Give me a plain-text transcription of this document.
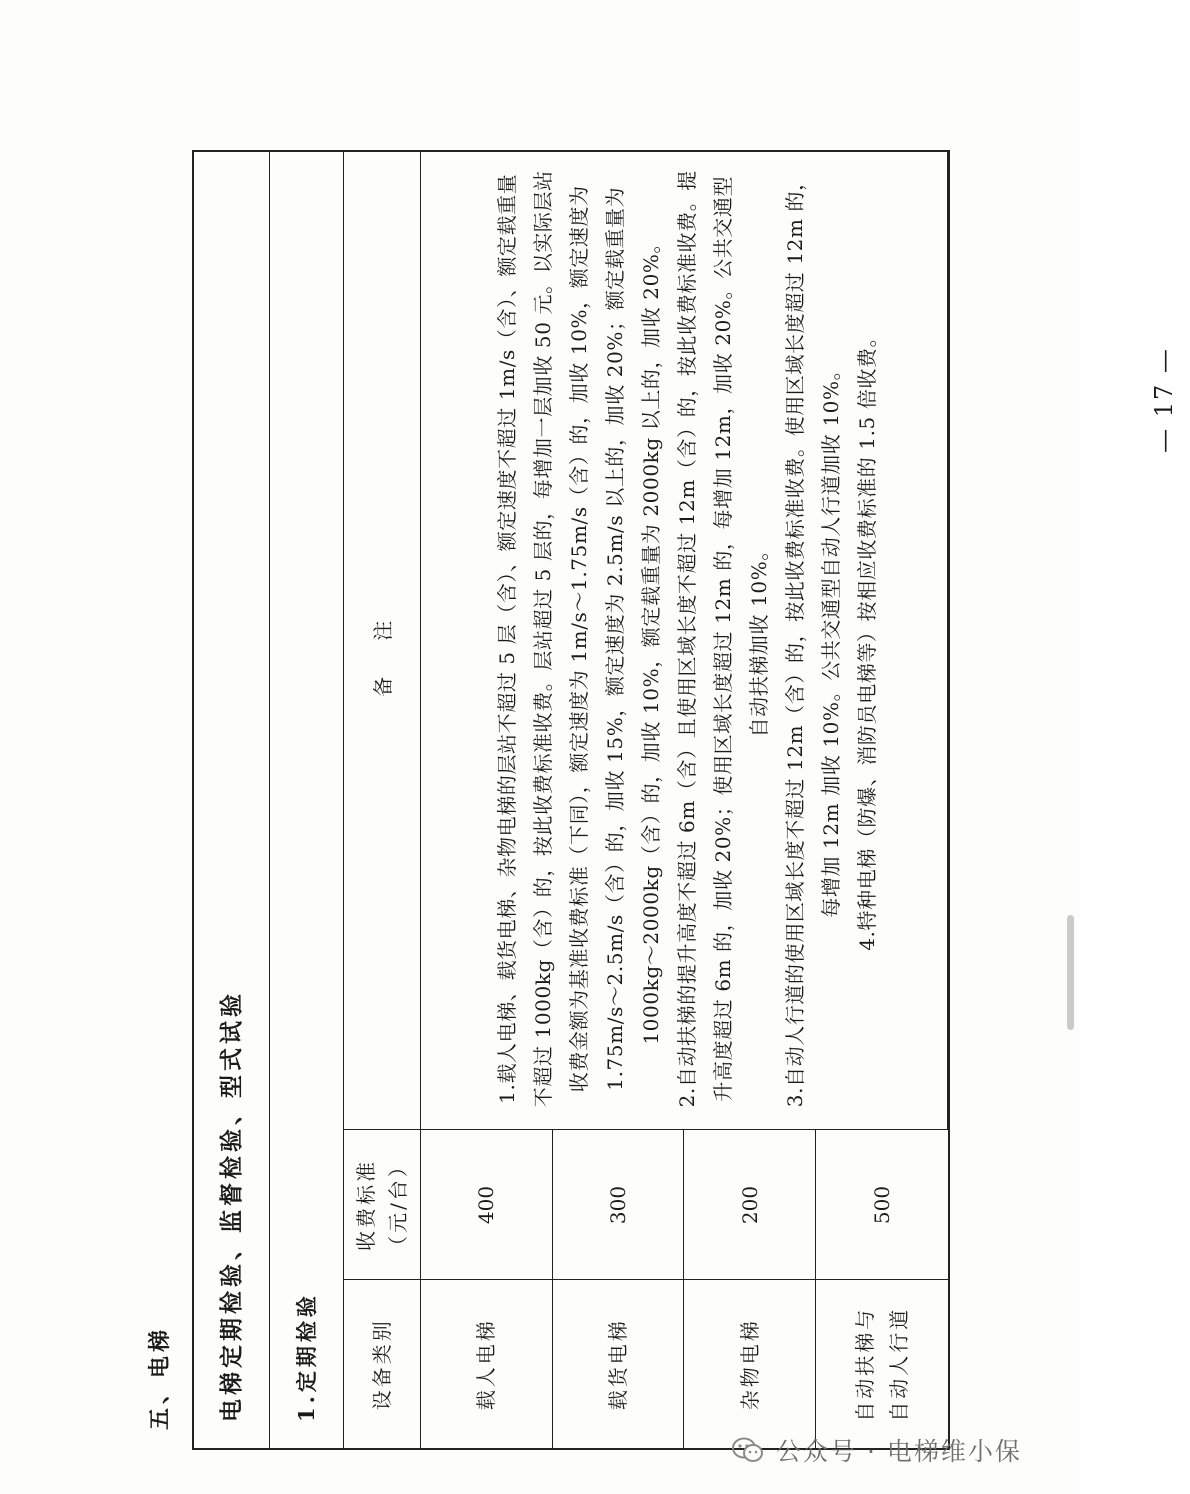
五、电梯	电梯定期检验、监督检验、型式试验	1.定期检验	设备类别	收费标准 （元/台）	备注
载人电梯	400	1.载人电梯、载货电梯、杂物电梯的层站不超过 5 层（含）、额定速度不超过 1m/s（含）、额定载重量不超过 1000kg（含）的，按此收费标准收费。层站超过 5 层的，每增加一层加收 50 元。以实际层站收费金额为基准收费标准（下同），额定速度为 1m/s～1.75m/s（含）的，加收 10%，额定速度为 1.75m/s～2.5m/s（含）的，加收 15%，额定速度为 2.5m/s 以上的，加收 20%；额定载重量为 1000kg～2000kg（含）的，加收 10%，额定载重量为 2000kg 以上的，加收 20%。 2.自动扶梯的提升高度不超过 6m（含）且使用区域长度不超过 12m（含）的，按此收费标准收费。提升高度超过 6m 的，加收 20%；使用区域长度超过 12m 的，每增加 12m，加收 20%。公共交通型自动扶梯加收 10%。 3.自动人行道的使用区域长度不超过 12m（含）的，按此收费标准收费。使用区域长度超过 12m 的，每增加 12m 加收 10%。公共交通型自动人行道加收 10%。 4.特种电梯（防爆、消防员电梯等）按相应收费标准的 1.5 倍收费。

载货电梯	300	
杂物电梯	200	

自动扶梯与 自动人行道	500	
— 17 —
公众号 · 电梯维小保
